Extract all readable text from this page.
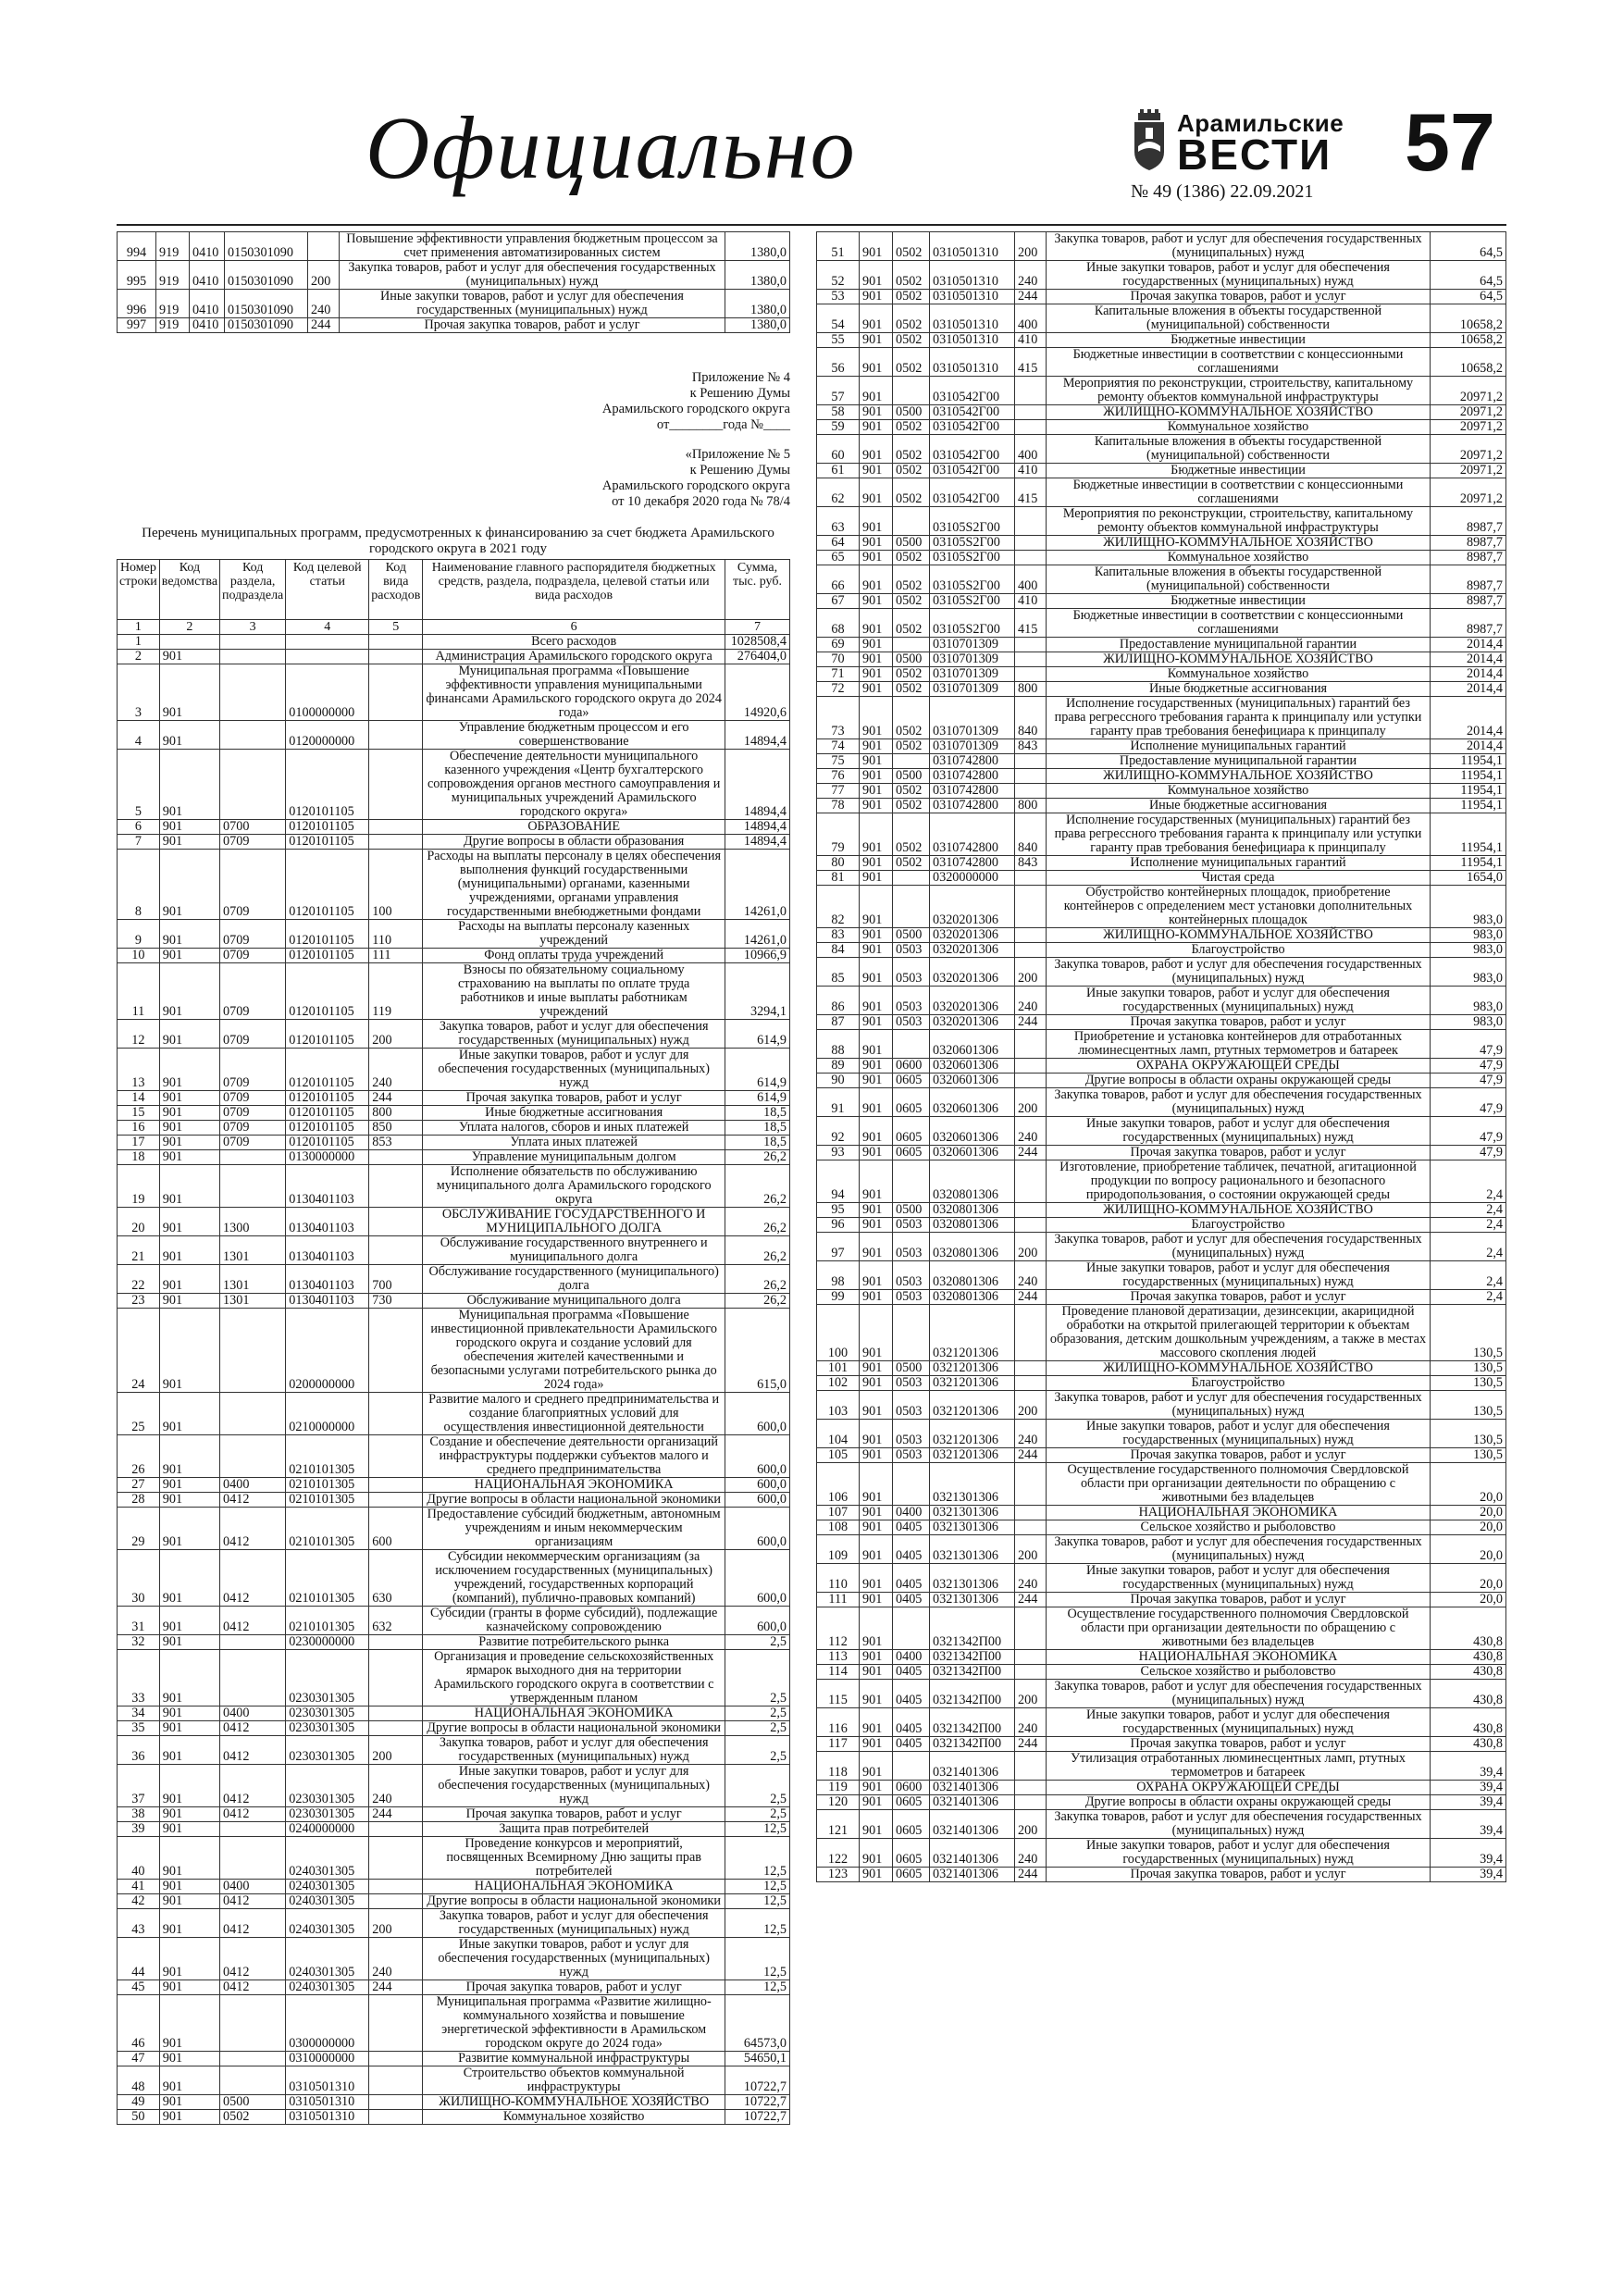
Официально	Арамильские
ВЕСТИ
№ 49 (1386) 22.09.2021
57
994	919	0410	0150301090		Повышение эффективности управления бюджетным процессом за счет применения автоматизированных систем	1380,0
995	919	0410	0150301090	200	Закупка товаров, работ и услуг для обеспечения государственных (муниципальных) нужд	1380,0
996	919	0410	0150301090	240	Иные закупки товаров, работ и услуг для обеспечения государственных (муниципальных) нужд	1380,0
997	919	0410	0150301090	244	Прочая закупка товаров, работ и услуг	1380,0
Приложение № 4
к Решению Думы
Арамильского городского округа
от________года №____
«Приложение № 5
к Решению Думы
Арамильского городского округа
от 10 декабря 2020 года № 78/4
Перечень муниципальных программ, предусмотренных к финансированию за счет бюджета Арамильского городского округа в 2021 году
Номер строки	Код ведомства	Код раздела, подраздела	Код целевой статьи	Код вида расходов	Наименование главного распорядителя бюджетных средств, раздела, подраздела, целевой статьи или вида расходов	Сумма, тыс. руб.
1	2	3	4	5	6	7
1					Всего расходов	1028508,4
2	901				Администрация Арамильского городского округа	276404,0
3	901		0100000000		Муниципальная программа «Повышение эффективности управления муниципальными финансами Арамильского городского округа до 2024 года»	14920,6
4	901		0120000000		Управление бюджетным процессом и его совершенствование	14894,4
5	901		0120101105		Обеспечение деятельности муниципального казенного учреждения «Центр бухгалтерского сопровождения органов местного самоуправления и муниципальных учреждений Арамильского городского округа»	14894,4
6	901	0700	0120101105		ОБРАЗОВАНИЕ	14894,4
7	901	0709	0120101105		Другие вопросы в области образования	14894,4
8	901	0709	0120101105	100	Расходы на выплаты персоналу в целях обеспечения выполнения функций государственными (муниципальными) органами, казенными учреждениями, органами управления государственными внебюджетными фондами	14261,0
9	901	0709	0120101105	110	Расходы на выплаты персоналу казенных учреждений	14261,0
10	901	0709	0120101105	111	Фонд оплаты труда учреждений	10966,9
11	901	0709	0120101105	119	Взносы по обязательному социальному страхованию на выплаты по оплате труда работников и иные выплаты работникам учреждений	3294,1
12	901	0709	0120101105	200	Закупка товаров, работ и услуг для обеспечения государственных (муниципальных) нужд	614,9
13	901	0709	0120101105	240	Иные закупки товаров, работ и услуг для обеспечения государственных (муниципальных) нужд	614,9
14	901	0709	0120101105	244	Прочая закупка товаров, работ и услуг	614,9
15	901	0709	0120101105	800	Иные бюджетные ассигнования	18,5
16	901	0709	0120101105	850	Уплата налогов, сборов и иных платежей	18,5
17	901	0709	0120101105	853	Уплата иных платежей	18,5
18	901		0130000000		Управление муниципальным долгом	26,2
19	901		0130401103		Исполнение обязательств по обслуживанию муниципального долга Арамильского городского округа	26,2
20	901	1300	0130401103		ОБСЛУЖИВАНИЕ ГОСУДАРСТВЕННОГО И МУНИЦИПАЛЬНОГО ДОЛГА	26,2
21	901	1301	0130401103		Обслуживание государственного внутреннего и муниципального долга	26,2
22	901	1301	0130401103	700	Обслуживание государственного (муниципального) долга	26,2
23	901	1301	0130401103	730	Обслуживание муниципального долга	26,2
24	901		0200000000		Муниципальная программа «Повышение инвестиционной привлекательности Арамильского городского округа и создание условий для обеспечения жителей качественными и безопасными услугами потребительского рынка до 2024 года»	615,0
25	901		0210000000		Развитие малого и среднего предпринимательства и создание благоприятных условий для осуществления инвестиционной деятельности	600,0
26	901		0210101305		Создание и обеспечение деятельности организаций инфраструктуры поддержки субъектов малого и среднего предпринимательства	600,0
27	901	0400	0210101305		НАЦИОНАЛЬНАЯ ЭКОНОМИКА	600,0
28	901	0412	0210101305		Другие вопросы в области национальной экономики	600,0
29	901	0412	0210101305	600	Предоставление субсидий бюджетным, автономным учреждениям и иным некоммерческим организациям	600,0
30	901	0412	0210101305	630	Субсидии некоммерческим организациям (за исключением государственных (муниципальных) учреждений, государственных корпораций (компаний), публично-правовых компаний)	600,0
31	901	0412	0210101305	632	Субсидии (гранты в форме субсидий), подлежащие казначейскому сопровождению	600,0
32	901		0230000000		Развитие потребительского рынка	2,5
33	901		0230301305		Организация и проведение сельскохозяйственных ярмарок выходного дня на территории Арамильского городского округа в соответствии с утвержденным планом	2,5
34	901	0400	0230301305		НАЦИОНАЛЬНАЯ ЭКОНОМИКА	2,5
35	901	0412	0230301305		Другие вопросы в области национальной экономики	2,5
36	901	0412	0230301305	200	Закупка товаров, работ и услуг для обеспечения государственных (муниципальных) нужд	2,5
37	901	0412	0230301305	240	Иные закупки товаров, работ и услуг для обеспечения государственных (муниципальных) нужд	2,5
38	901	0412	0230301305	244	Прочая закупка товаров, работ и услуг	2,5
39	901		0240000000		Защита прав потребителей	12,5
40	901		0240301305		Проведение конкурсов и мероприятий, посвященных Всемирному Дню защиты прав потребителей	12,5
41	901	0400	0240301305		НАЦИОНАЛЬНАЯ ЭКОНОМИКА	12,5
42	901	0412	0240301305		Другие вопросы в области национальной экономики	12,5
43	901	0412	0240301305	200	Закупка товаров, работ и услуг для обеспечения государственных (муниципальных) нужд	12,5
44	901	0412	0240301305	240	Иные закупки товаров, работ и услуг для обеспечения государственных (муниципальных) нужд	12,5
45	901	0412	0240301305	244	Прочая закупка товаров, работ и услуг	12,5
46	901		0300000000		Муниципальная программа «Развитие жилищно-коммунального хозяйства и повышение энергетической эффективности в Арамильском городском округе до 2024 года»	64573,0
47	901		0310000000		Развитие коммунальной инфраструктуры	54650,1
48	901		0310501310		Строительство объектов коммунальной инфраструктуры	10722,7
49	901	0500	0310501310		ЖИЛИЩНО-КОММУНАЛЬНОЕ ХОЗЯЙСТВО	10722,7
50	901	0502	0310501310		Коммунальное хозяйство	10722,7
51	901	0502	0310501310	200	Закупка товаров, работ и услуг для обеспечения государственных (муниципальных) нужд	64,5
52	901	0502	0310501310	240	Иные закупки товаров, работ и услуг для обеспечения государственных (муниципальных) нужд	64,5
53	901	0502	0310501310	244	Прочая закупка товаров, работ и услуг	64,5
54	901	0502	0310501310	400	Капитальные вложения в объекты государственной (муниципальной) собственности	10658,2
55	901	0502	0310501310	410	Бюджетные инвестиции	10658,2
56	901	0502	0310501310	415	Бюджетные инвестиции в соответствии с концессионными соглашениями	10658,2
57	901		0310542Г00		Мероприятия по реконструкции, строительству, капитальному ремонту объектов коммунальной инфраструктуры	20971,2
58	901	0500	0310542Г00		ЖИЛИЩНО-КОММУНАЛЬНОЕ ХОЗЯЙСТВО	20971,2
59	901	0502	0310542Г00		Коммунальное хозяйство	20971,2
60	901	0502	0310542Г00	400	Капитальные вложения в объекты государственной (муниципальной) собственности	20971,2
61	901	0502	0310542Г00	410	Бюджетные инвестиции	20971,2
62	901	0502	0310542Г00	415	Бюджетные инвестиции в соответствии с концессионными соглашениями	20971,2
63	901		03105S2Г00		Мероприятия по реконструкции, строительству, капитальному ремонту объектов коммунальной инфраструктуры	8987,7
64	901	0500	03105S2Г00		ЖИЛИЩНО-КОММУНАЛЬНОЕ ХОЗЯЙСТВО	8987,7
65	901	0502	03105S2Г00		Коммунальное хозяйство	8987,7
66	901	0502	03105S2Г00	400	Капитальные вложения в объекты государственной (муниципальной) собственности	8987,7
67	901	0502	03105S2Г00	410	Бюджетные инвестиции	8987,7
68	901	0502	03105S2Г00	415	Бюджетные инвестиции в соответствии с концессионными соглашениями	8987,7
69	901		0310701309		Предоставление муниципальной гарантии	2014,4
70	901	0500	0310701309		ЖИЛИЩНО-КОММУНАЛЬНОЕ ХОЗЯЙСТВО	2014,4
71	901	0502	0310701309		Коммунальное хозяйство	2014,4
72	901	0502	0310701309	800	Иные бюджетные ассигнования	2014,4
73	901	0502	0310701309	840	Исполнение государственных (муниципальных) гарантий без права регрессного требования гаранта к принципалу или уступки гаранту прав требования бенефициара к принципалу	2014,4
74	901	0502	0310701309	843	Исполнение муниципальных гарантий	2014,4
75	901		0310742800		Предоставление муниципальной гарантии	11954,1
76	901	0500	0310742800		ЖИЛИЩНО-КОММУНАЛЬНОЕ ХОЗЯЙСТВО	11954,1
77	901	0502	0310742800		Коммунальное хозяйство	11954,1
78	901	0502	0310742800	800	Иные бюджетные ассигнования	11954,1
79	901	0502	0310742800	840	Исполнение государственных (муниципальных) гарантий без права регрессного требования гаранта к принципалу или уступки гаранту прав требования бенефициара к принципалу	11954,1
80	901	0502	0310742800	843	Исполнение муниципальных гарантий	11954,1
81	901		0320000000		Чистая среда	1654,0
82	901		0320201306		Обустройство контейнерных площадок, приобретение контейнеров с определением мест установки дополнительных контейнерных площадок	983,0
83	901	0500	0320201306		ЖИЛИЩНО-КОММУНАЛЬНОЕ ХОЗЯЙСТВО	983,0
84	901	0503	0320201306		Благоустройство	983,0
85	901	0503	0320201306	200	Закупка товаров, работ и услуг для обеспечения государственных (муниципальных) нужд	983,0
86	901	0503	0320201306	240	Иные закупки товаров, работ и услуг для обеспечения государственных (муниципальных) нужд	983,0
87	901	0503	0320201306	244	Прочая закупка товаров, работ и услуг	983,0
88	901		0320601306		Приобретение и установка контейнеров для отработанных люминесцентных ламп, ртутных термометров и батареек	47,9
89	901	0600	0320601306		ОХРАНА ОКРУЖАЮЩЕЙ СРЕДЫ	47,9
90	901	0605	0320601306		Другие вопросы в области охраны окружающей среды	47,9
91	901	0605	0320601306	200	Закупка товаров, работ и услуг для обеспечения государственных (муниципальных) нужд	47,9
92	901	0605	0320601306	240	Иные закупки товаров, работ и услуг для обеспечения государственных (муниципальных) нужд	47,9
93	901	0605	0320601306	244	Прочая закупка товаров, работ и услуг	47,9
94	901		0320801306		Изготовление, приобретение табличек, печатной, агитационной продукции по вопросу рационального и безопасного природопользования, о состоянии окружающей среды	2,4
95	901	0500	0320801306		ЖИЛИЩНО-КОММУНАЛЬНОЕ ХОЗЯЙСТВО	2,4
96	901	0503	0320801306		Благоустройство	2,4
97	901	0503	0320801306	200	Закупка товаров, работ и услуг для обеспечения государственных (муниципальных) нужд	2,4
98	901	0503	0320801306	240	Иные закупки товаров, работ и услуг для обеспечения государственных (муниципальных) нужд	2,4
99	901	0503	0320801306	244	Прочая закупка товаров, работ и услуг	2,4
100	901		0321201306		Проведение плановой дератизации, дезинсекции, акарицидной обработки на открытой прилегающей территории к объектам образования, детским дошкольным учреждениям, а также в местах массового скопления людей	130,5
101	901	0500	0321201306		ЖИЛИЩНО-КОММУНАЛЬНОЕ ХОЗЯЙСТВО	130,5
102	901	0503	0321201306		Благоустройство	130,5
103	901	0503	0321201306	200	Закупка товаров, работ и услуг для обеспечения государственных (муниципальных) нужд	130,5
104	901	0503	0321201306	240	Иные закупки товаров, работ и услуг для обеспечения государственных (муниципальных) нужд	130,5
105	901	0503	0321201306	244	Прочая закупка товаров, работ и услуг	130,5
106	901		0321301306		Осуществление государственного полномочия Свердловской области при организации деятельности по обращению с животными без владельцев	20,0
107	901	0400	0321301306		НАЦИОНАЛЬНАЯ ЭКОНОМИКА	20,0
108	901	0405	0321301306		Сельское хозяйство и рыболовство	20,0
109	901	0405	0321301306	200	Закупка товаров, работ и услуг для обеспечения государственных (муниципальных) нужд	20,0
110	901	0405	0321301306	240	Иные закупки товаров, работ и услуг для обеспечения государственных (муниципальных) нужд	20,0
111	901	0405	0321301306	244	Прочая закупка товаров, работ и услуг	20,0
112	901		0321342П00		Осуществление государственного полномочия Свердловской области при организации деятельности по обращению с животными без владельцев	430,8
113	901	0400	0321342П00		НАЦИОНАЛЬНАЯ ЭКОНОМИКА	430,8
114	901	0405	0321342П00		Сельское хозяйство и рыболовство	430,8
115	901	0405	0321342П00	200	Закупка товаров, работ и услуг для обеспечения государственных (муниципальных) нужд	430,8
116	901	0405	0321342П00	240	Иные закупки товаров, работ и услуг для обеспечения государственных (муниципальных) нужд	430,8
117	901	0405	0321342П00	244	Прочая закупка товаров, работ и услуг	430,8
118	901		0321401306		Утилизация отработанных люминесцентных ламп, ртутных термометров и батареек	39,4
119	901	0600	0321401306		ОХРАНА ОКРУЖАЮЩЕЙ СРЕДЫ	39,4
120	901	0605	0321401306		Другие вопросы в области охраны окружающей среды	39,4
121	901	0605	0321401306	200	Закупка товаров, работ и услуг для обеспечения государственных (муниципальных) нужд	39,4
122	901	0605	0321401306	240	Иные закупки товаров, работ и услуг для обеспечения государственных (муниципальных) нужд	39,4
123	901	0605	0321401306	244	Прочая закупка товаров, работ и услуг	39,4
